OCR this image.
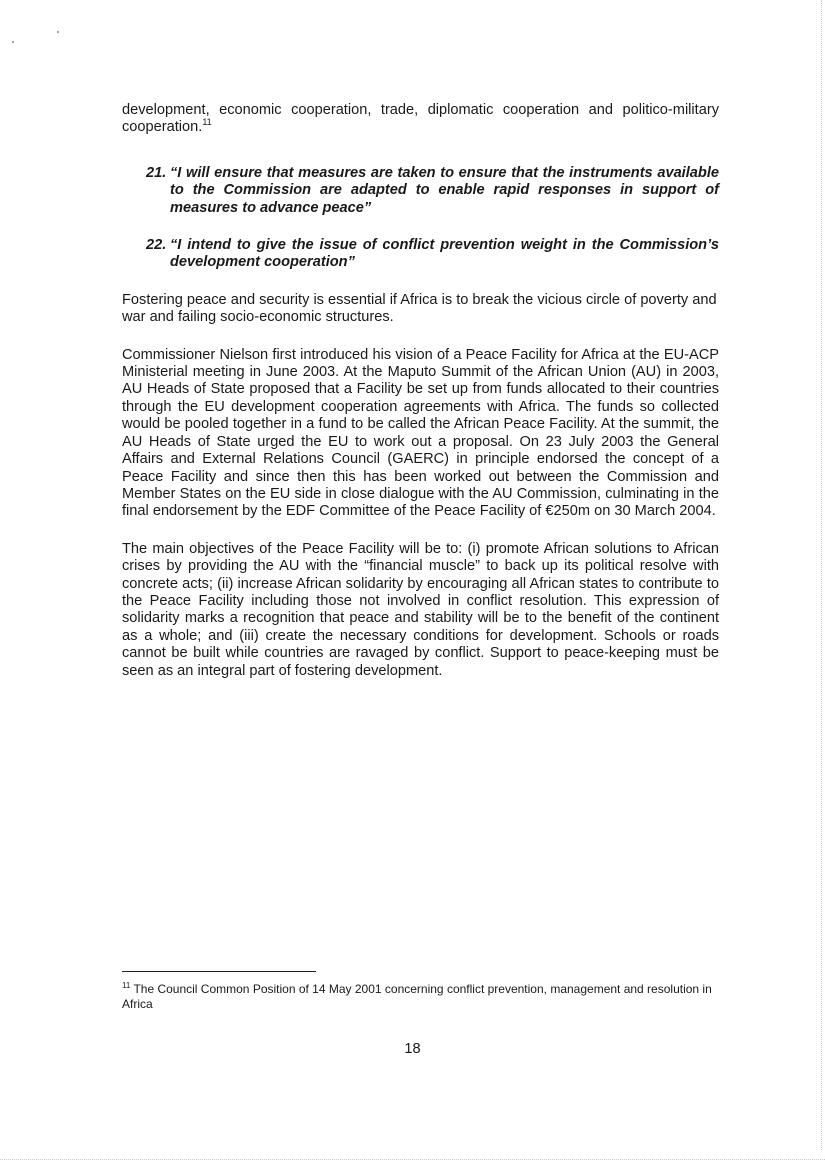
development, economic cooperation, trade, diplomatic cooperation and politico-military cooperation.$^{11}$

21. “I will ensure that measures are taken to ensure that the instruments available to the Commission are adapted to enable rapid responses in support of measures to advance peace”
22. “I intend to give the issue of conflict prevention weight in the Commission’s development cooperation”

Fostering peace and security is essential if Africa is to break the vicious circle of poverty and war and failing socio-economic structures.

Commissioner Nielson first introduced his vision of a Peace Facility for Africa at the EU-ACP Ministerial meeting in June 2003. At the Maputo Summit of the African Union (AU) in 2003, AU Heads of State proposed that a Facility be set up from funds allocated to their countries through the EU development cooperation agreements with Africa. The funds so collected would be pooled together in a fund to be called the African Peace Facility. At the summit, the AU Heads of State urged the EU to work out a proposal. On 23 July 2003 the General Affairs and External Relations Council (GAERC) in principle endorsed the concept of a Peace Facility and since then this has been worked out between the Commission and Member States on the EU side in close dialogue with the AU Commission, culminating in the final endorsement by the EDF Committee of the Peace Facility of €250m on 30 March 2004.

The main objectives of the Peace Facility will be to: (i) promote African solutions to African crises by providing the AU with the “financial muscle” to back up its political resolve with concrete acts; (ii) increase African solidarity by encouraging all African states to contribute to the Peace Facility including those not involved in conflict resolution. This expression of solidarity marks a recognition that peace and stability will be to the benefit of the continent as a whole; and (iii) create the necessary conditions for development. Schools or roads cannot be built while countries are ravaged by conflict. Support to peace-keeping must be seen as an integral part of fostering development.

$^{11}$ The Council Common Position of 14 May 2001 concerning conflict prevention, management and resolution in Africa
18
